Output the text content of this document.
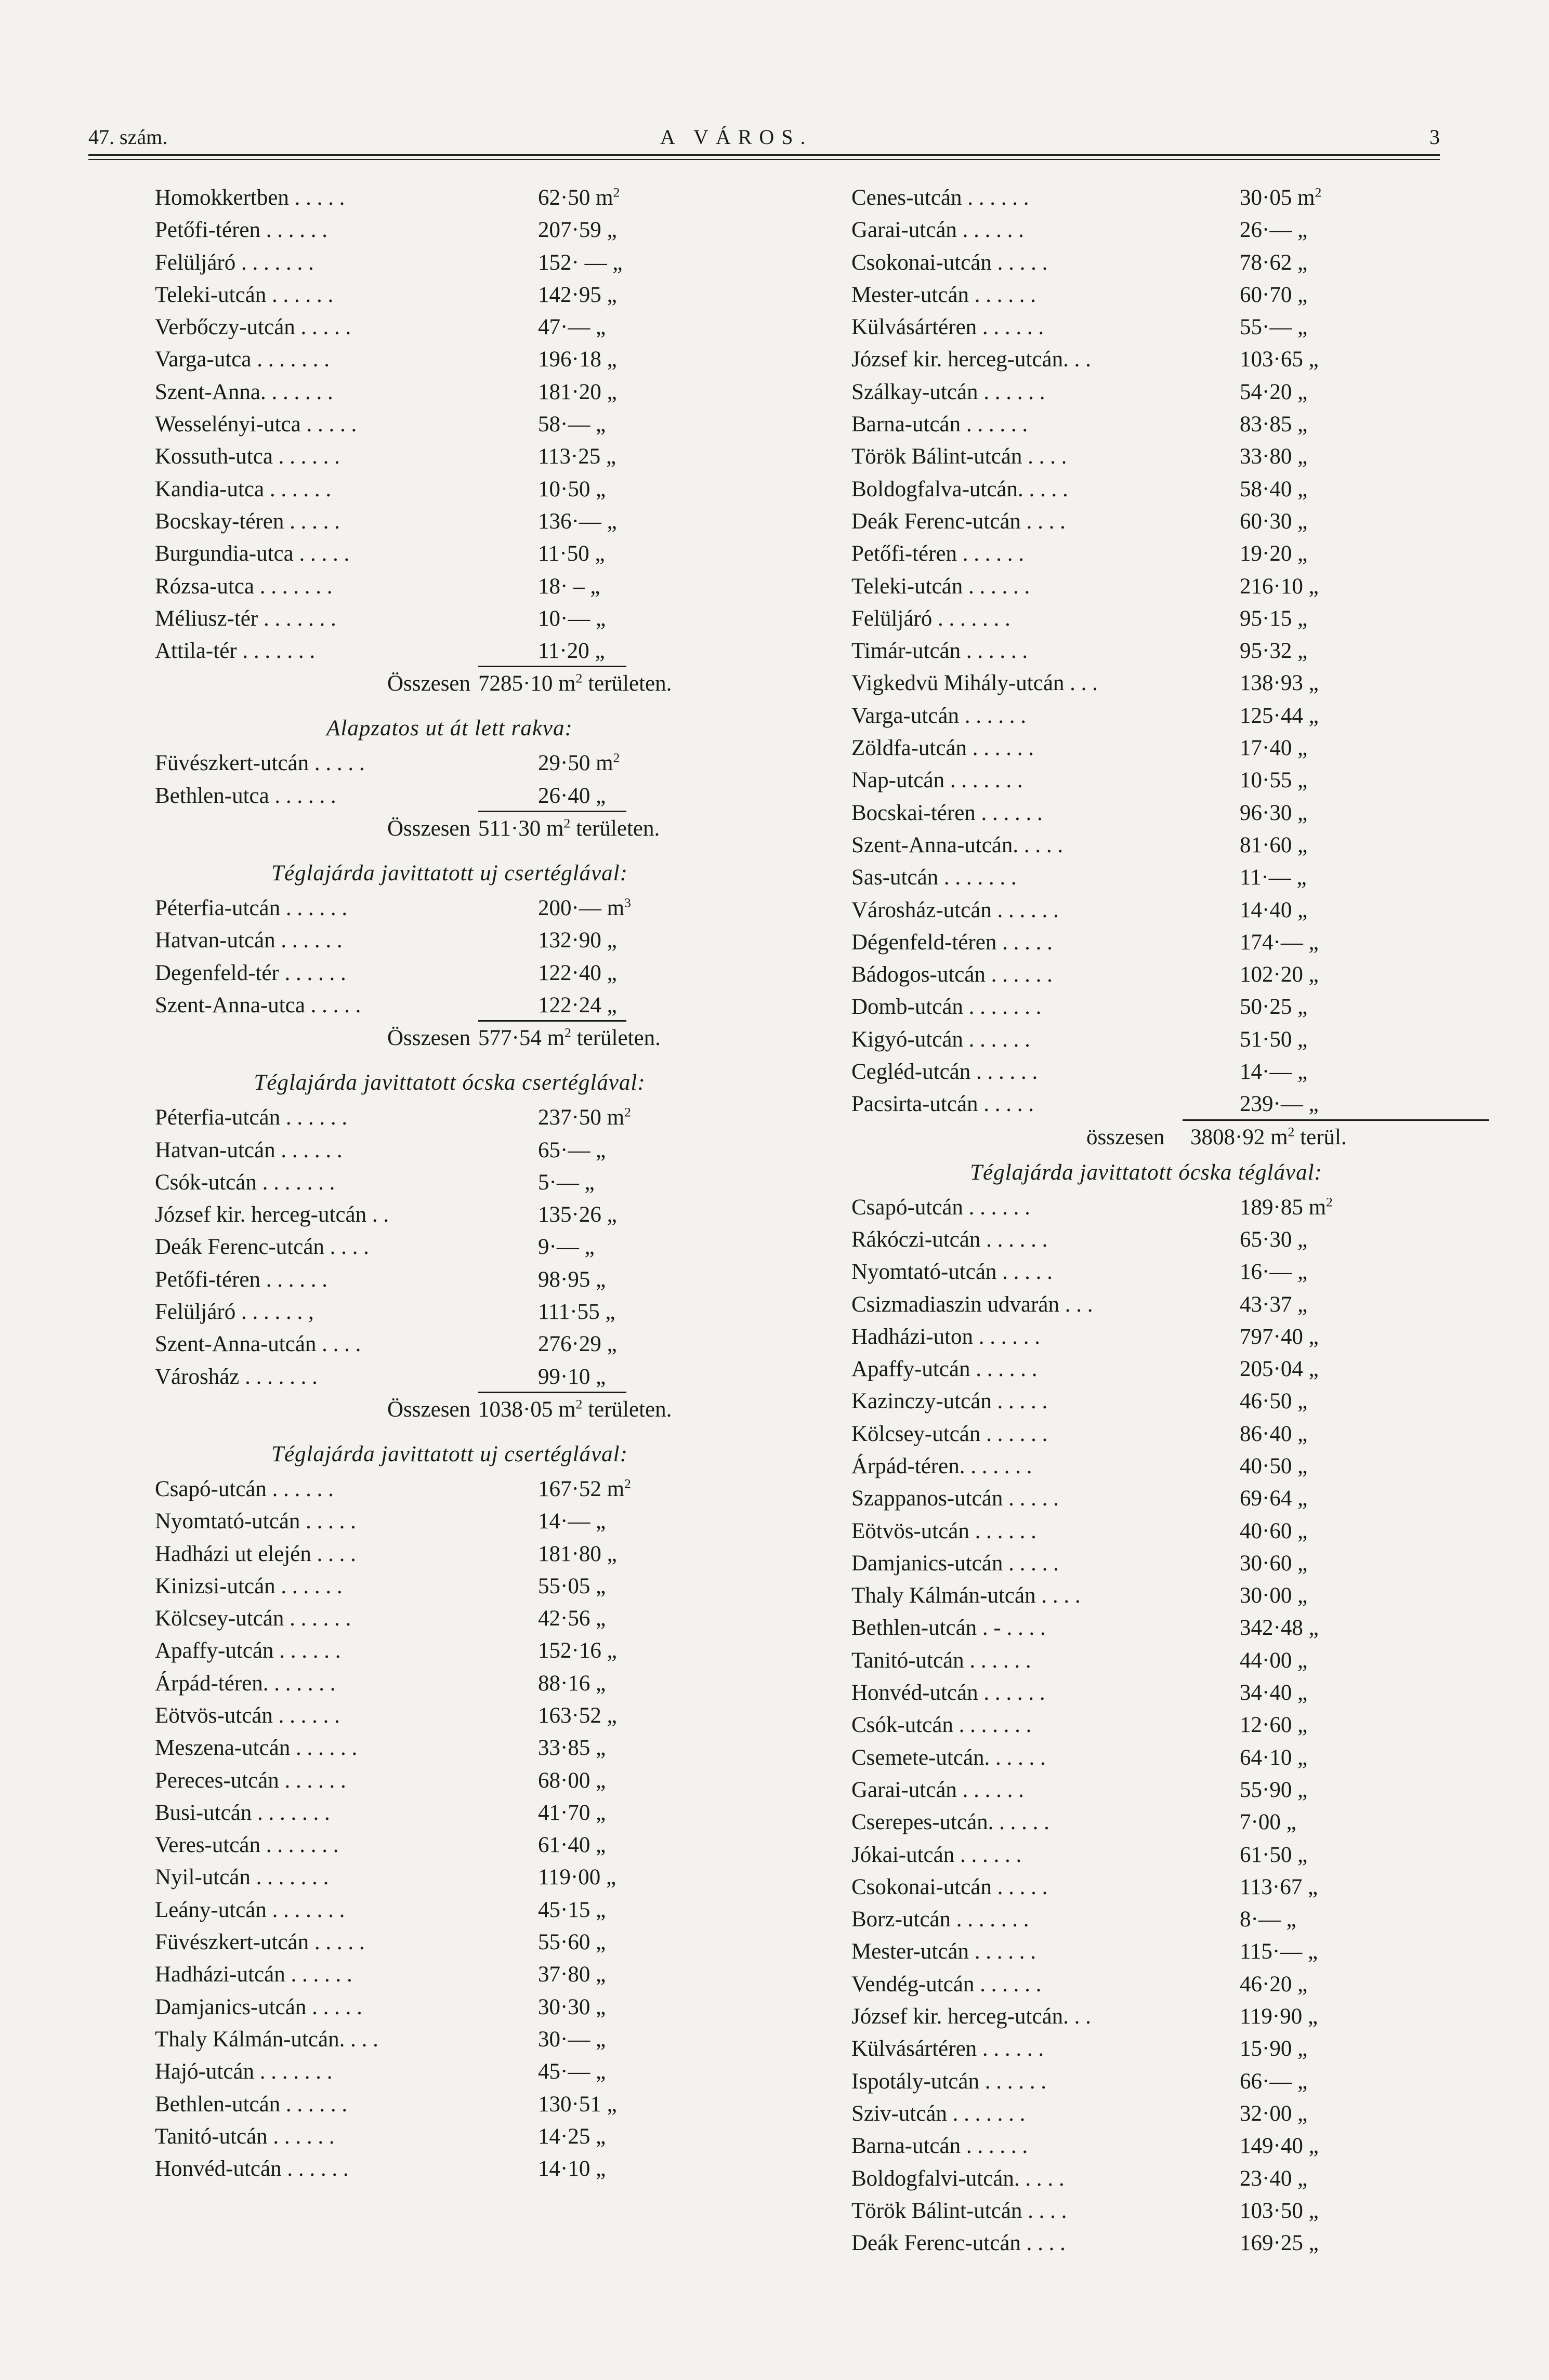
47. szám.	A VÁROS.	3
Homokkertben . . . . .	62·50 $m^2$
Petőfi-téren . . . . . .	207·59 „
Felüljáró . . . . . . .	152· — „
Teleki-utcán . . . . . .	142·95 „
Verbőczy-utcán . . . . .	47·— „
Varga-utca . . . . . . .	196·18 „
Szent-Anna. . . . . . .	181·20 „
Wesselényi-utca . . . . .	58·— „
Kossuth-utca . . . . . .	113·25 „
Kandia-utca . . . . . .	10·50 „
Bocskay-téren . . . . .	136·— „
Burgundia-utca . . . . .	11·50 „
Rózsa-utca . . . . . . .	18· – „
Méliusz-tér . . . . . . .	10·— „
Attila-tér . . . . . . .	11·20 „
Összesen 7285·10 $m^2$ területen.
Alapzatos ut át lett rakva:
Füvészkert-utcán . . . . .	29·50 $m^2$
Bethlen-utca . . . . . .	26·40 „
Összesen 511·30 $m^2$ területen.
Téglajárda javittatott uj csertéglával:
Péterfia-utcán . . . . . .	200·— $m^3$
Hatvan-utcán . . . . . .	132·90 „
Degenfeld-tér . . . . . .	122·40 „
Szent-Anna-utca . . . . .	122·24 „
Összesen 577·54 $m^2$ területen.
Téglajárda javittatott ócska csertéglával:
Péterfia-utcán . . . . . .	237·50 $m^2$
Hatvan-utcán . . . . . .	65·— „
Csók-utcán . . . . . . .	5·— „
József kir. herceg-utcán . .	135·26 „
Deák Ferenc-utcán . . . .	9·— „
Petőfi-téren . . . . . .	98·95 „
Felüljáró . . . . . . ,	111·55 „
Szent-Anna-utcán . . . .	276·29 „
Városház . . . . . . .	99·10 „
Összesen 1038·05 $m^2$ területen.
Téglajárda javittatott uj csertéglával:
Csapó-utcán . . . . . .	167·52 $m^2$
Nyomtató-utcán . . . . .	14·— „
Hadházi ut elején . . . .	181·80 „
Kinizsi-utcán . . . . . .	55·05 „
Kölcsey-utcán . . . . . .	42·56 „
Apaffy-utcán . . . . . .	152·16 „
Árpád-téren. . . . . . .	88·16 „
Eötvös-utcán . . . . . .	163·52 „
Meszena-utcán . . . . . .	33·85 „
Pereces-utcán . . . . . .	68·00 „
Busi-utcán . . . . . . .	41·70 „
Veres-utcán . . . . . . .	61·40 „
Nyil-utcán . . . . . . .	119·00 „
Leány-utcán . . . . . . .	45·15 „
Füvészkert-utcán . . . . .	55·60 „
Hadházi-utcán . . . . . .	37·80 „
Damjanics-utcán . . . . .	30·30 „
Thaly Kálmán-utcán. . . .	30·— „
Hajó-utcán . . . . . . .	45·— „
Bethlen-utcán . . . . . .	130·51 „
Tanitó-utcán . . . . . .	14·25 „
Honvéd-utcán . . . . . .	14·10 „
Cenes-utcán . . . . . .	30·05 $m^2$
Garai-utcán . . . . . .	26·— „
Csokonai-utcán . . . . .	78·62 „
Mester-utcán . . . . . .	60·70 „
Külvásártéren . . . . . .	55·— „
József kir. herceg-utcán. . .	103·65 „
Szálkay-utcán . . . . . .	54·20 „
Barna-utcán . . . . . .	83·85 „
Török Bálint-utcán . . . .	33·80 „
Boldogfalva-utcán. . . . .	58·40 „
Deák Ferenc-utcán . . . .	60·30 „
Petőfi-téren . . . . . .	19·20 „
Teleki-utcán . . . . . .	216·10 „
Felüljáró . . . . . . .	95·15 „
Timár-utcán . . . . . .	95·32 „
Vigkedvü Mihály-utcán . . .	138·93 „
Varga-utcán . . . . . .	125·44 „
Zöldfa-utcán . . . . . .	17·40 „
Nap-utcán . . . . . . .	10·55 „
Bocskai-téren . . . . . .	96·30 „
Szent-Anna-utcán. . . . .	81·60 „
Sas-utcán . . . . . . .	11·— „
Városház-utcán . . . . . .	14·40 „
Dégenfeld-téren . . . . .	174·— „
Bádogos-utcán . . . . . .	102·20 „
Domb-utcán . . . . . . .	50·25 „
Kigyó-utcán . . . . . .	51·50 „
Cegléd-utcán . . . . . .	14·— „
Pacsirta-utcán . . . . .	239·— „
összesen 3808·92 $m^2$ terül.
Téglajárda javittatott ócska téglával:
Csapó-utcán . . . . . .	189·85 $m^2$
Rákóczi-utcán . . . . . .	65·30 „
Nyomtató-utcán . . . . .	16·— „
Csizmadiaszin udvarán . . .	43·37 „
Hadházi-uton . . . . . .	797·40 „
Apaffy-utcán . . . . . .	205·04 „
Kazinczy-utcán . . . . .	46·50 „
Kölcsey-utcán . . . . . .	86·40 „
Árpád-téren. . . . . . .	40·50 „
Szappanos-utcán . . . . .	69·64 „
Eötvös-utcán . . . . . .	40·60 „
Damjanics-utcán . . . . .	30·60 „
Thaly Kálmán-utcán . . . .	30·00 „
Bethlen-utcán . - . . . .	342·48 „
Tanitó-utcán . . . . . .	44·00 „
Honvéd-utcán . . . . . .	34·40 „
Csók-utcán . . . . . . .	12·60 „
Csemete-utcán. . . . . .	64·10 „
Garai-utcán . . . . . .	55·90 „
Cserepes-utcán. . . . . .	7·00 „
Jókai-utcán . . . . . .	61·50 „
Csokonai-utcán . . . . .	113·67 „
Borz-utcán . . . . . . .	8·— „
Mester-utcán . . . . . .	115·— „
Vendég-utcán . . . . . .	46·20 „
József kir. herceg-utcán. . .	119·90 „
Külvásártéren . . . . . .	15·90 „
Ispotály-utcán . . . . . .	66·— „
Sziv-utcán . . . . . . .	32·00 „
Barna-utcán . . . . . .	149·40 „
Boldogfalvi-utcán. . . . .	23·40 „
Török Bálint-utcán . . . .	103·50 „
Deák Ferenc-utcán . . . .	169·25 „
